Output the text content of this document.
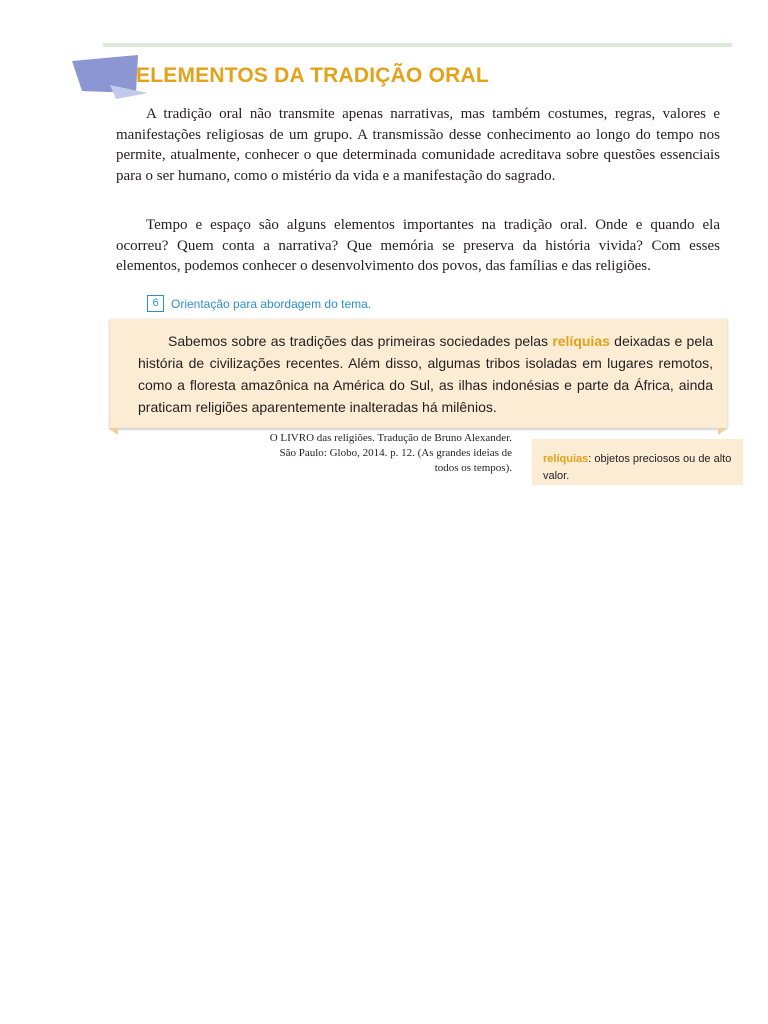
ELEMENTOS DA TRADIÇÃO ORAL

A tradição oral não transmite apenas narrativas, mas também costumes, regras, valores e manifestações religiosas de um grupo. A transmissão desse conhecimento ao longo do tempo nos permite, atualmente, conhecer o que determinada comunidade acreditava sobre questões essenciais para o ser humano, como o mistério da vida e a manifestação do sagrado.

Tempo e espaço são alguns elementos importantes na tradição oral. Onde e quando ela ocorreu? Quem conta a narrativa? Que memória se preserva da história vivida? Com esses elementos, podemos conhecer o desenvolvimento dos povos, das famílias e das religiões.

6	Orientação para abordagem do tema.

Sabemos sobre as tradições das primeiras sociedades pelas relíquias deixadas e pela história de civilizações recentes. Além disso, algumas tribos isoladas em lugares remotos, como a floresta amazônica na América do Sul, as ilhas indonésias e parte da África, ainda praticam religiões aparentemente inalteradas há milênios.

O LIVRO das religiões. Tradução de Bruno Alexander.
São Paulo: Globo, 2014. p. 12. (As grandes ideias de
todos os tempos).

relíquias: objetos preciosos ou de alto valor.
